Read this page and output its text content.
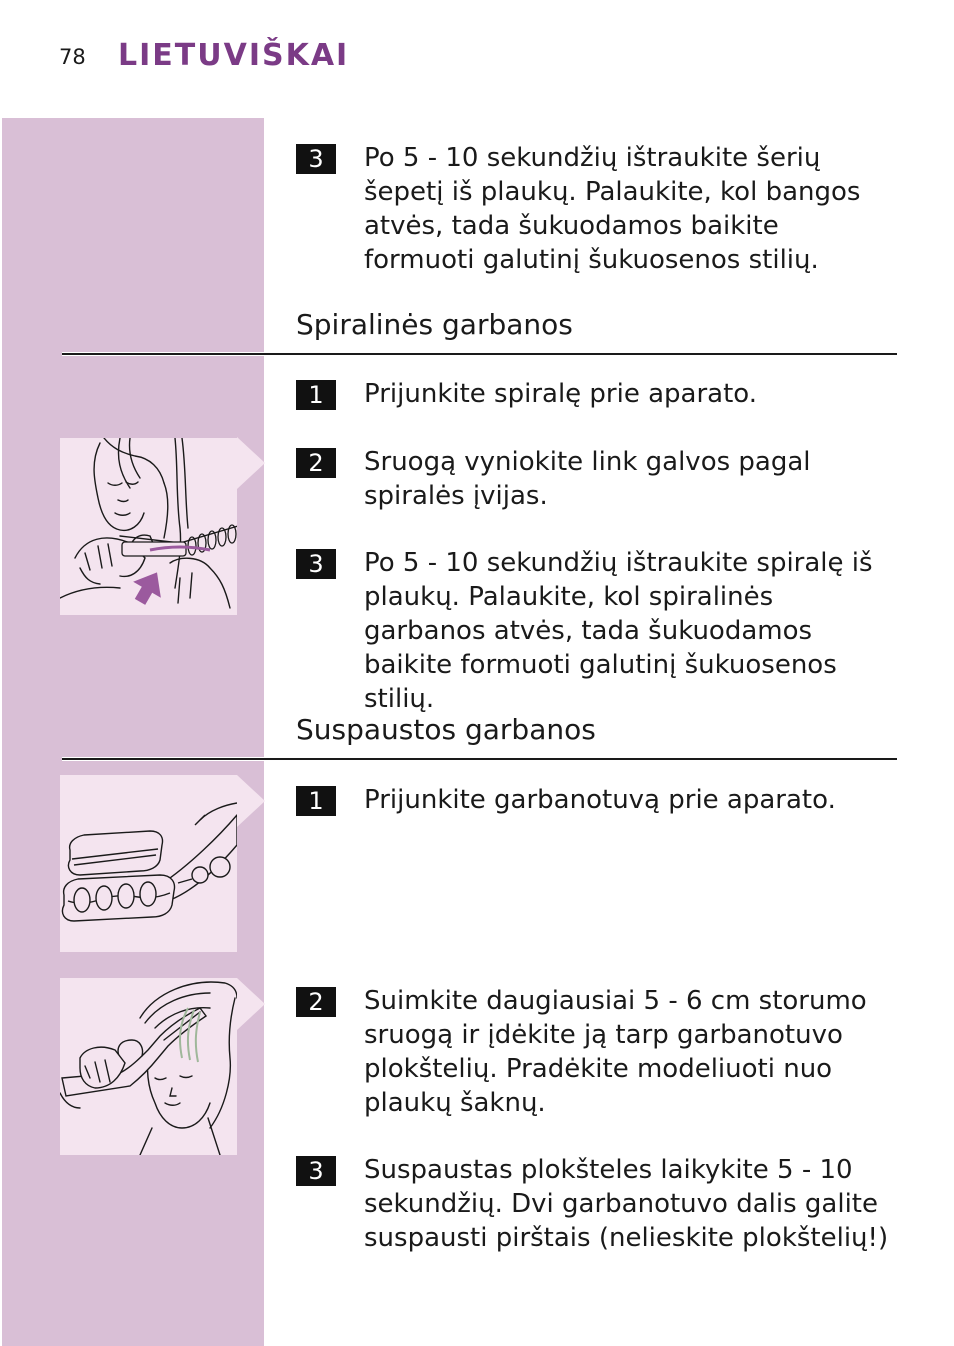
78 LIETUVIŠKAI
3	Po 5 - 10 sekundžių ištraukite šerių šepetį iš plaukų. Palaukite, kol bangos atvės, tada šukuodamos baikite formuoti galutinį šukuosenos stilių.
Spiralinės garbanos
1	Prijunkite spiralę prie aparato.
2	Sruogą vyniokite link galvos pagal spiralės įvijas.
3	Po 5 - 10 sekundžių ištraukite spiralę iš plaukų. Palaukite, kol spiralinės garbanos atvės, tada šukuodamos baikite formuoti galutinį šukuosenos stilių.
Suspaustos garbanos
1	Prijunkite garbanotuvą prie aparato.
2	Suimkite daugiausiai 5 - 6 cm storumo sruogą ir įdėkite ją tarp garbanotuvo plokštelių. Pradėkite modeliuoti nuo plaukų šaknų.
3	Suspaustas plokšteles laikykite 5 - 10 sekundžių. Dvi garbanotuvo dalis galite suspausti pirštais (nelieskite plokštelių!)
